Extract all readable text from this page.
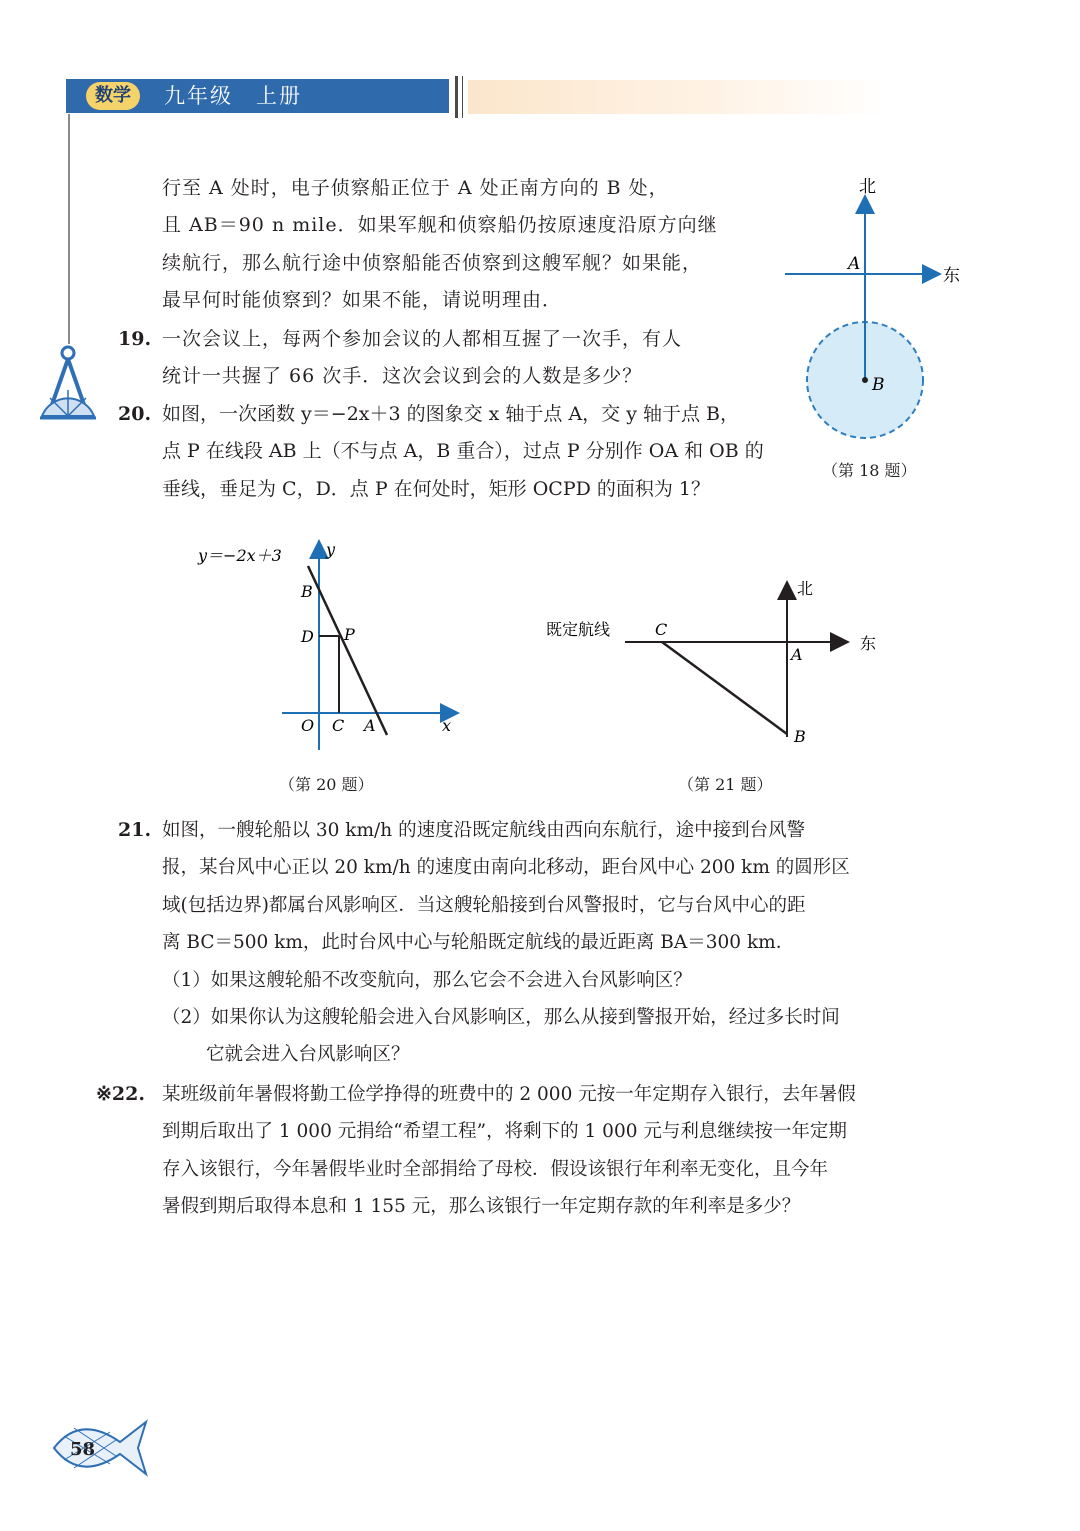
数学	九年级　上册
行至 A 处时，电子侦察船正位于 A 处正南方向的 B 处，
且 AB＝90 n mile．如果军舰和侦察船仍按原速度沿原方向继
续航行，那么航行途中侦察船能否侦察到这艘军舰？如果能，
最早何时能侦察到？如果不能，请说明理由．
北
东
A
B
（第 18 题）
19. 一次会议上，每两个参加会议的人都相互握了一次手，有人
统计一共握了 66 次手．这次会议到会的人数是多少？
20. 如图，一次函数 y＝−2x＋3 的图象交 x 轴于点 A，交 y 轴于点 B，
点 P 在线段 AB 上（不与点 A，B 重合），过点 P 分别作 OA 和 OB 的
垂线，垂足为 C，D．点 P 在何处时，矩形 OCPD 的面积为 1？
y＝−2x＋3	y
x
O
B
D P
C A
（第 20 题）
既定航线
北
东
C
A
B
（第 21 题）
21. 如图，一艘轮船以 30 km/h 的速度沿既定航线由西向东航行，途中接到台风警
报，某台风中心正以 20 km/h 的速度由南向北移动，距台风中心 200 km 的圆形区
域(包括边界)都属台风影响区．当这艘轮船接到台风警报时，它与台风中心的距
离 BC＝500 km，此时台风中心与轮船既定航线的最近距离 BA＝300 km．
（1）如果这艘轮船不改变航向，那么它会不会进入台风影响区？
（2）如果你认为这艘轮船会进入台风影响区，那么从接到警报开始，经过多长时间
它就会进入台风影响区？
※22. 某班级前年暑假将勤工俭学挣得的班费中的 2 000 元按一年定期存入银行，去年暑假
到期后取出了 1 000 元捐给“希望工程”，将剩下的 1 000 元与利息继续按一年定期
存入该银行，今年暑假毕业时全部捐给了母校．假设该银行年利率无变化，且今年
暑假到期后取得本息和 1 155 元，那么该银行一年定期存款的年利率是多少？
58
